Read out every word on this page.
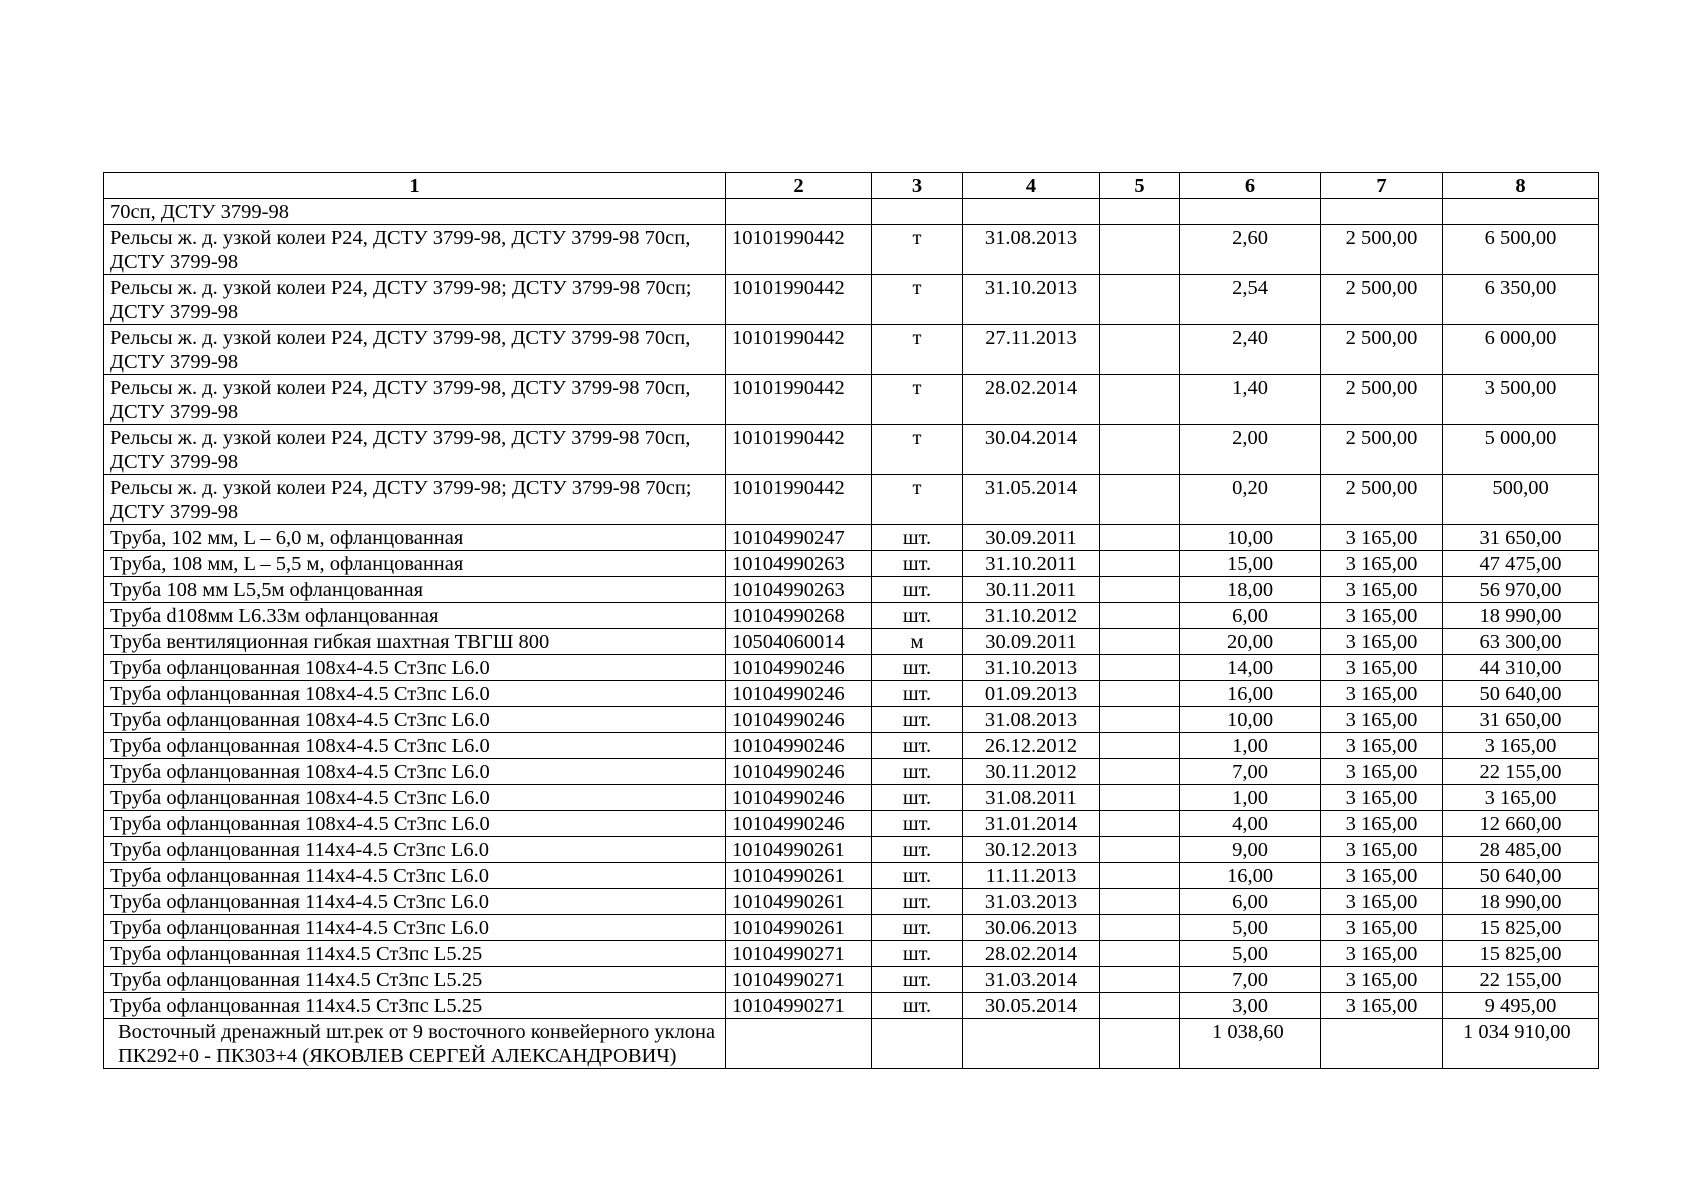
1	2	3	4	5	6	7	8
70сп, ДСТУ 3799-98							
Рельсы ж. д. узкой колеи Р24, ДСТУ 3799-98, ДСТУ 3799-98 70сп, ДСТУ 3799-98	10101990442	т	31.08.2013		2,60	2 500,00	6 500,00
Рельсы ж. д. узкой колеи Р24, ДСТУ 3799-98; ДСТУ 3799-98 70сп; ДСТУ 3799-98	10101990442	т	31.10.2013		2,54	2 500,00	6 350,00
Рельсы ж. д. узкой колеи Р24, ДСТУ 3799-98, ДСТУ 3799-98 70сп, ДСТУ 3799-98	10101990442	т	27.11.2013		2,40	2 500,00	6 000,00
Рельсы ж. д. узкой колеи Р24, ДСТУ 3799-98, ДСТУ 3799-98 70сп, ДСТУ 3799-98	10101990442	т	28.02.2014		1,40	2 500,00	3 500,00
Рельсы ж. д. узкой колеи Р24, ДСТУ 3799-98, ДСТУ 3799-98 70сп, ДСТУ 3799-98	10101990442	т	30.04.2014		2,00	2 500,00	5 000,00
Рельсы ж. д. узкой колеи Р24, ДСТУ 3799-98; ДСТУ 3799-98 70сп; ДСТУ 3799-98	10101990442	т	31.05.2014		0,20	2 500,00	500,00
Труба, 102 мм, L – 6,0 м, офланцованная	10104990247	шт.	30.09.2011		10,00	3 165,00	31 650,00
Труба, 108 мм, L – 5,5 м, офланцованная	10104990263	шт.	31.10.2011		15,00	3 165,00	47 475,00
Труба 108 мм L5,5м офланцованная	10104990263	шт.	30.11.2011		18,00	3 165,00	56 970,00
Труба d108мм L6.33м офланцованная	10104990268	шт.	31.10.2012		6,00	3 165,00	18 990,00
Труба вентиляционная гибкая шахтная ТВГШ 800	10504060014	м	30.09.2011		20,00	3 165,00	63 300,00
Труба офланцованная 108х4-4.5 Ст3пс L6.0	10104990246	шт.	31.10.2013		14,00	3 165,00	44 310,00
Труба офланцованная 108х4-4.5 Ст3пс L6.0	10104990246	шт.	01.09.2013		16,00	3 165,00	50 640,00
Труба офланцованная 108х4-4.5 Ст3пс L6.0	10104990246	шт.	31.08.2013		10,00	3 165,00	31 650,00
Труба офланцованная 108х4-4.5 Ст3пс L6.0	10104990246	шт.	26.12.2012		1,00	3 165,00	3 165,00
Труба офланцованная 108х4-4.5 Ст3пс L6.0	10104990246	шт.	30.11.2012		7,00	3 165,00	22 155,00
Труба офланцованная 108х4-4.5 Ст3пс L6.0	10104990246	шт.	31.08.2011		1,00	3 165,00	3 165,00
Труба офланцованная 108х4-4.5 Ст3пс L6.0	10104990246	шт.	31.01.2014		4,00	3 165,00	12 660,00
Труба офланцованная 114х4-4.5 Ст3пс L6.0	10104990261	шт.	30.12.2013		9,00	3 165,00	28 485,00
Труба офланцованная 114х4-4.5 Ст3пс L6.0	10104990261	шт.	11.11.2013		16,00	3 165,00	50 640,00
Труба офланцованная 114х4-4.5 Ст3пс L6.0	10104990261	шт.	31.03.2013		6,00	3 165,00	18 990,00
Труба офланцованная 114х4-4.5 Ст3пс L6.0	10104990261	шт.	30.06.2013		5,00	3 165,00	15 825,00
Труба офланцованная 114х4.5 Ст3пс L5.25	10104990271	шт.	28.02.2014		5,00	3 165,00	15 825,00
Труба офланцованная 114х4.5 Ст3пс L5.25	10104990271	шт.	31.03.2014		7,00	3 165,00	22 155,00
Труба офланцованная 114х4.5 Ст3пс L5.25	10104990271	шт.	30.05.2014		3,00	3 165,00	9 495,00
Восточный дренажный шт.рек от 9 восточного конвейерного уклона ПК292+0 - ПК303+4 (ЯКОВЛЕВ СЕРГЕЙ АЛЕКСАНДРОВИЧ)					1 038,60		1 034 910,00
